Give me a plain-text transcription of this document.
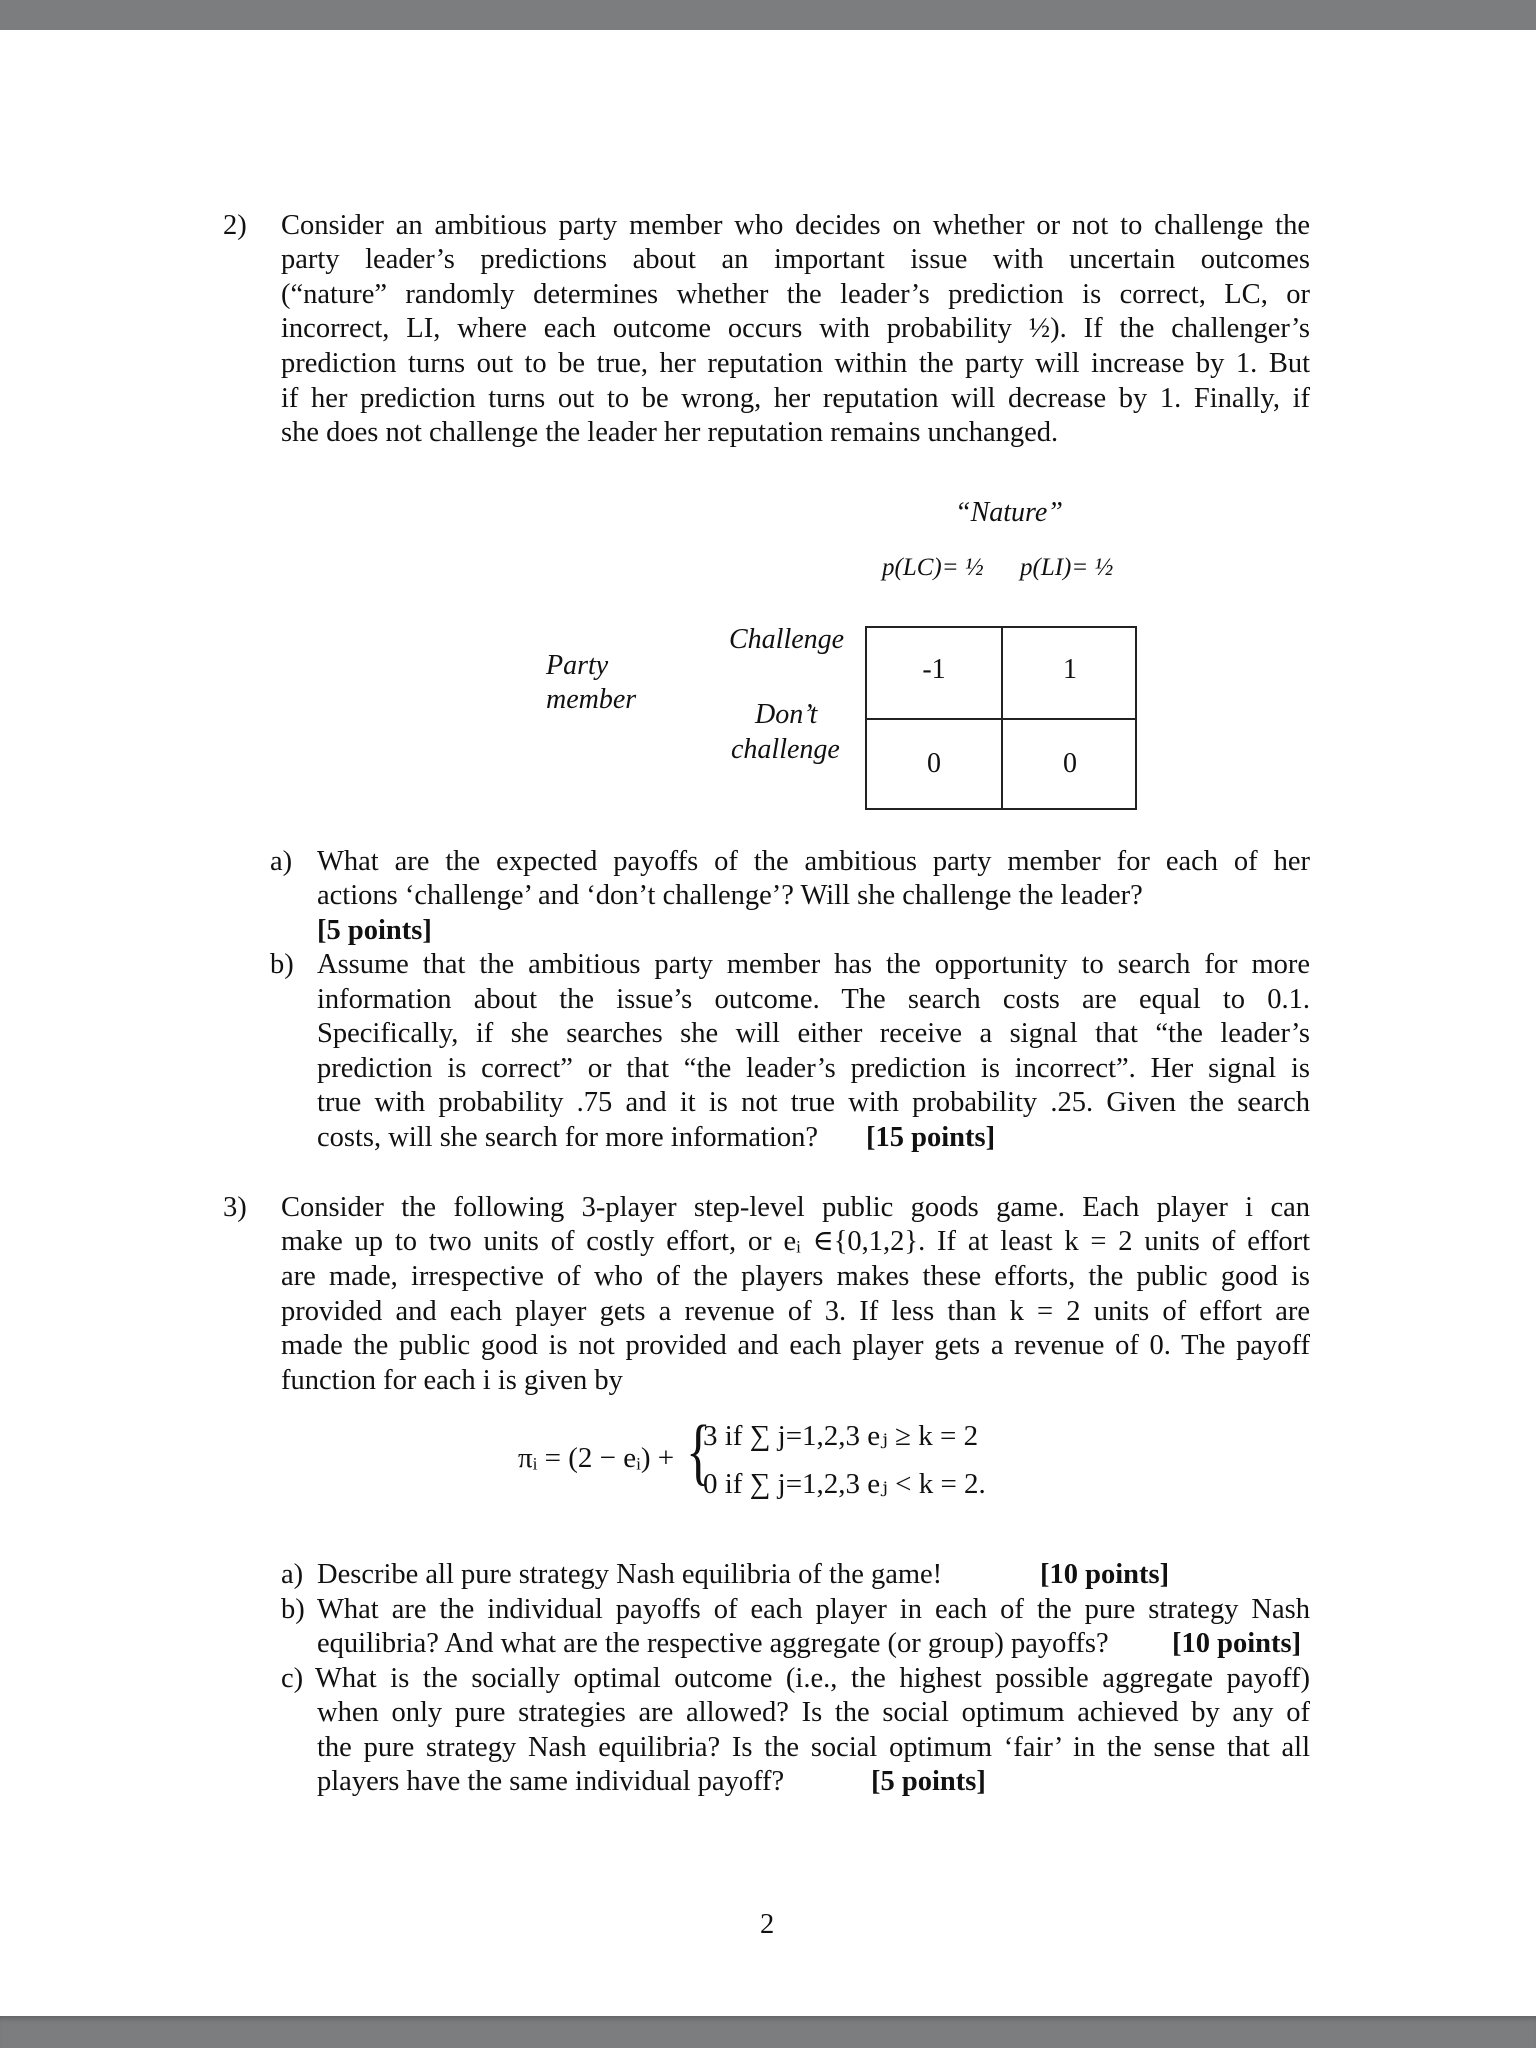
2) Consider an ambitious party member who decides on whether or not to challenge the
party leader’s predictions about an important issue with uncertain outcomes
(“nature” randomly determines whether the leader’s prediction is correct, LC, or
incorrect, LI, where each outcome occurs with probability ½). If the challenger’s
prediction turns out to be true, her reputation within the party will increase by 1. But
if her prediction turns out to be wrong, her reputation will decrease by 1. Finally, if
she does not challenge the leader her reputation remains unchanged.
“Nature”
p(LC)= ½ p(LI)= ½
Party
member
Challenge
Don’t
challenge
-1	1
0	0
a) What are the expected payoffs of the ambitious party member for each of her
actions ‘challenge’ and ‘don’t challenge’? Will she challenge the leader?
[5 points]
b) Assume that the ambitious party member has the opportunity to search for more
information about the issue’s outcome. The search costs are equal to 0.1.
Specifically, if she searches she will either receive a signal that “the leader’s
prediction is correct” or that “the leader’s prediction is incorrect”. Her signal is
true with probability .75 and it is not true with probability .25. Given the search
costs, will she search for more information? [15 points]
3) Consider the following 3-player step-level public goods game. Each player i can
make up to two units of costly effort, or eᵢ ∈{0,1,2}. If at least k = 2 units of effort
are made, irrespective of who of the players makes these efforts, the public good is
provided and each player gets a revenue of 3. If less than k = 2 units of effort are
made the public good is not provided and each player gets a revenue of 0. The payoff
function for each i is given by
πᵢ = (2 − eᵢ) + {
3 if ∑ j=1,2,3 eⱼ ≥ k = 2
0 if ∑ j=1,2,3 eⱼ < k = 2.
a) Describe all pure strategy Nash equilibria of the game!	[10 points]
b) What are the individual payoffs of each player in each of the pure strategy Nash
equilibria? And what are the respective aggregate (or group) payoffs? [10 points]
c) What is the socially optimal outcome (i.e., the highest possible aggregate payoff)
when only pure strategies are allowed? Is the social optimum achieved by any of
the pure strategy Nash equilibria? Is the social optimum ‘fair’ in the sense that all
players have the same individual payoff?	[5 points]
2
